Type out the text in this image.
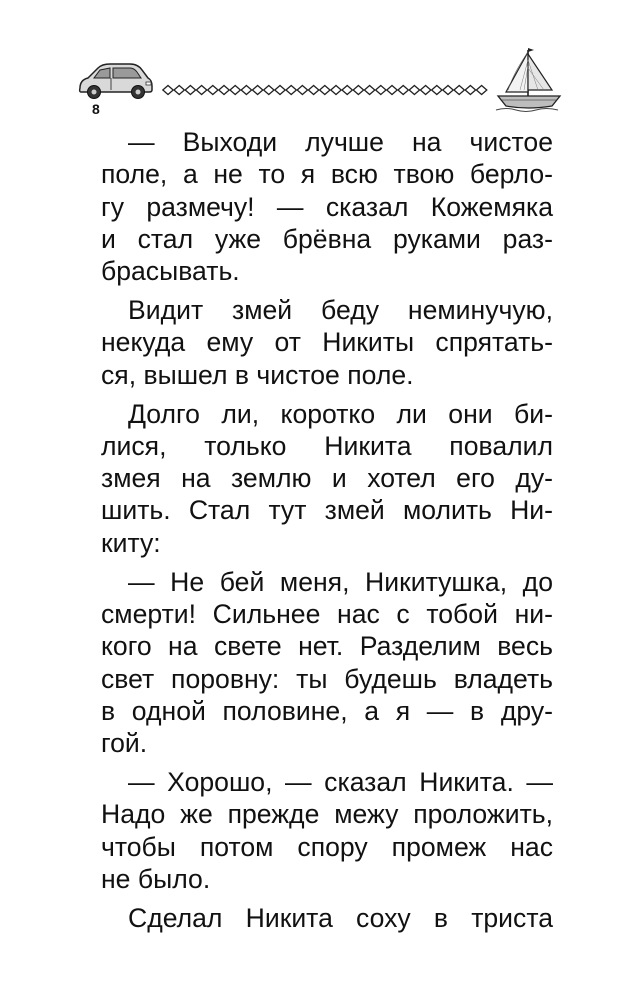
8

— Выходи лучше на чистое
поле, а не то я всю твою берло-
гу размечу! — сказал Кожемяка
и стал уже брёвна руками раз-
брасывать.

Видит змей беду неминучую,
некуда ему от Никиты спрятать-
ся, вышел в чистое поле.

Долго ли, коротко ли они би-
лися, только Никита повалил
змея на землю и хотел его ду-
шить. Стал тут змей молить Ни-
киту:

— Не бей меня, Никитушка, до
смерти! Сильнее нас с тобой ни-
кого на свете нет. Разделим весь
свет поровну: ты будешь владеть
в одной половине, а я — в дру-
гой.

— Хорошо, — сказал Никита. —
Надо же прежде межу проложить,
чтобы потом спору промеж нас
не было.

Сделал Никита соху в триста
